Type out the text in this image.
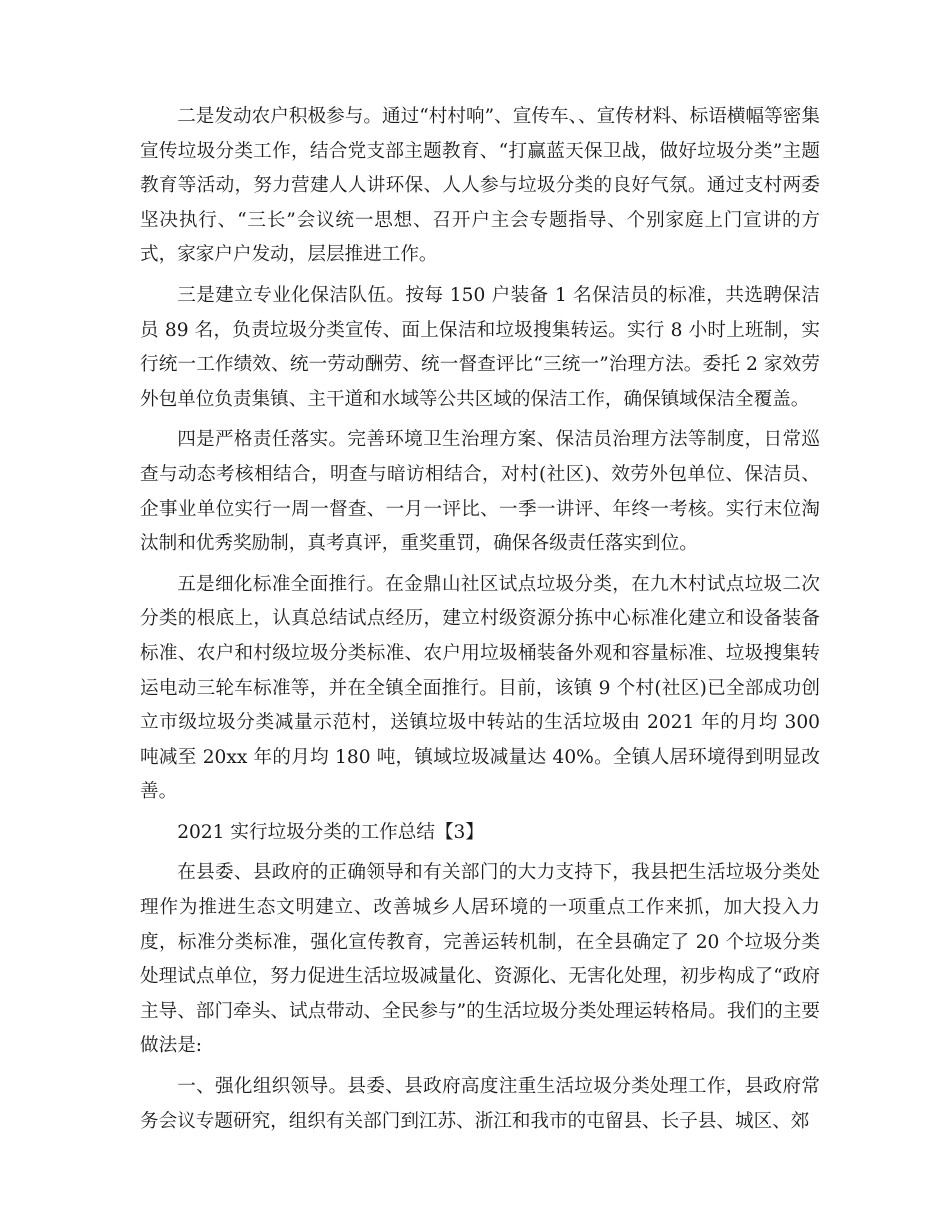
二是发动农户积极参与。通过“村村响”、宣传车、、宣传材料、标语横幅等密集宣传垃圾分类工作，结合党支部主题教育、“打赢蓝天保卫战，做好垃圾分类”主题教育等活动，努力营建人人讲环保、人人参与垃圾分类的良好气氛。通过支村两委坚决执行、“三长”会议统一思想、召开户主会专题指导、个别家庭上门宣讲的方式，家家户户发动，层层推进工作。

三是建立专业化保洁队伍。按每 150 户装备 1 名保洁员的标准，共选聘保洁员 89 名，负责垃圾分类宣传、面上保洁和垃圾搜集转运。实行 8 小时上班制，实行统一工作绩效、统一劳动酬劳、统一督查评比“三统一”治理方法。委托 2 家效劳外包单位负责集镇、主干道和水域等公共区域的保洁工作，确保镇域保洁全覆盖。

四是严格责任落实。完善环境卫生治理方案、保洁员治理方法等制度，日常巡查与动态考核相结合，明查与暗访相结合，对村(社区)、效劳外包单位、保洁员、企事业单位实行一周一督查、一月一评比、一季一讲评、年终一考核。实行末位淘汰制和优秀奖励制，真考真评，重奖重罚，确保各级责任落实到位。

五是细化标准全面推行。在金鼎山社区试点垃圾分类，在九木村试点垃圾二次分类的根底上，认真总结试点经历，建立村级资源分拣中心标准化建立和设备装备标准、农户和村级垃圾分类标准、农户用垃圾桶装备外观和容量标准、垃圾搜集转运电动三轮车标准等，并在全镇全面推行。目前，该镇 9 个村(社区)已全部成功创立市级垃圾分类减量示范村，送镇垃圾中转站的生活垃圾由 2021 年的月均 300 吨减至 20xx 年的月均 180 吨，镇域垃圾减量达 40%。全镇人居环境得到明显改善。

2021 实行垃圾分类的工作总结【3】

在县委、县政府的正确领导和有关部门的大力支持下，我县把生活垃圾分类处理作为推进生态文明建立、改善城乡人居环境的一项重点工作来抓，加大投入力度，标准分类标准，强化宣传教育，完善运转机制，在全县确定了 20 个垃圾分类处理试点单位，努力促进生活垃圾减量化、资源化、无害化处理，初步构成了“政府主导、部门牵头、试点带动、全民参与”的生活垃圾分类处理运转格局。我们的主要做法是:

一、强化组织领导。县委、县政府高度注重生活垃圾分类处理工作，县政府常务会议专题研究，组织有关部门到江苏、浙江和我市的屯留县、长子县、城区、郊
